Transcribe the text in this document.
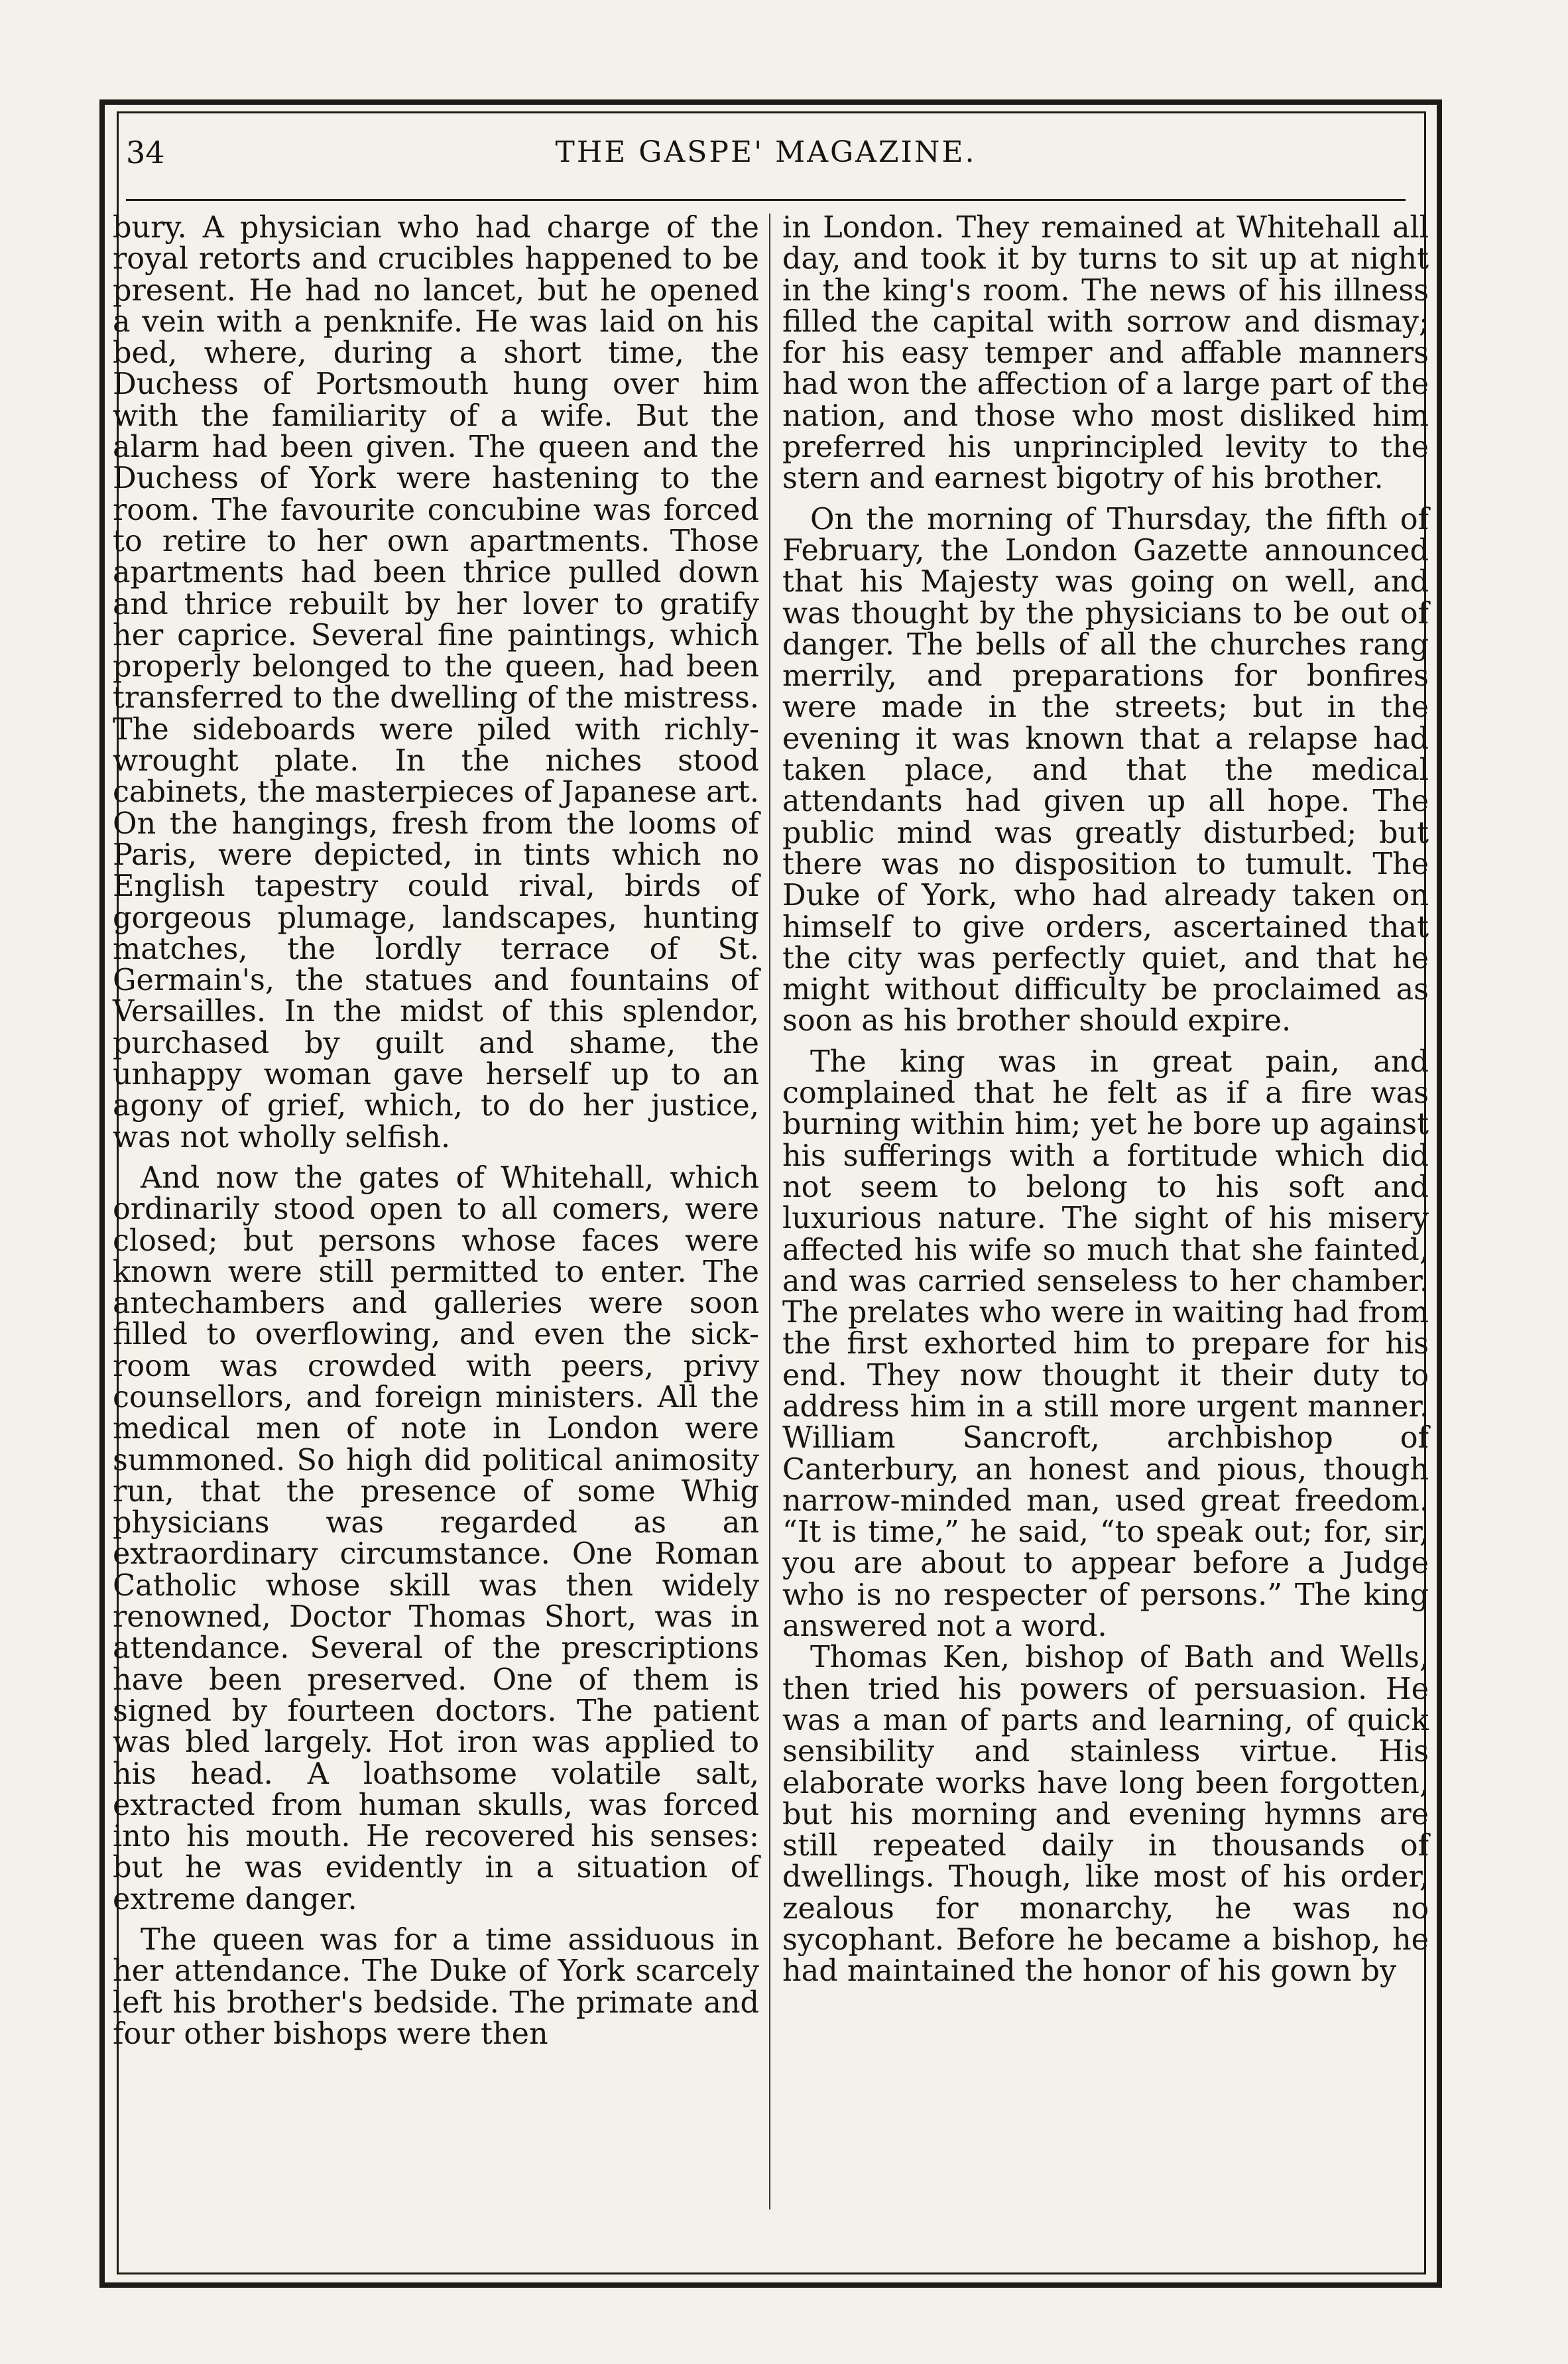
34	THE GASPE' MAGAZINE.

bury. A physician who had charge of the royal retorts and crucibles happened to be present. He had no lancet, but he opened a vein with a penknife. He was laid on his bed, where, during a short time, the Duchess of Portsmouth hung over him with the familiarity of a wife. But the alarm had been given. The queen and the Duchess of York were hastening to the room. The favourite concubine was forced to retire to her own apartments. Those apartments had been thrice pulled down and thrice rebuilt by her lover to gratify her caprice. Several fine paintings, which properly belonged to the queen, had been transferred to the dwelling of the mistress. The sideboards were piled with richly-wrought plate. In the niches stood cabinets, the masterpieces of Japanese art. On the hangings, fresh from the looms of Paris, were depicted, in tints which no English tapestry could rival, birds of gorgeous plumage, landscapes, hunting matches, the lordly terrace of St. Germain's, the statues and fountains of Versailles. In the midst of this splendor, purchased by guilt and shame, the unhappy woman gave herself up to an agony of grief, which, to do her justice, was not wholly selfish.

And now the gates of Whitehall, which ordinarily stood open to all comers, were closed; but persons whose faces were known were still permitted to enter. The antechambers and galleries were soon filled to overflowing, and even the sick-room was crowded with peers, privy counsellors, and foreign ministers. All the medical men of note in London were summoned. So high did political animosity run, that the presence of some Whig physicians was regarded as an extraordinary circumstance. One Roman Catholic whose skill was then widely renowned, Doctor Thomas Short, was in attendance. Several of the prescriptions have been preserved. One of them is signed by fourteen doctors. The patient was bled largely. Hot iron was applied to his head. A loathsome volatile salt, extracted from human skulls, was forced into his mouth. He recovered his senses: but he was evidently in a situation of extreme danger.

The queen was for a time assiduous in her attendance. The Duke of York scarcely left his brother's bedside. The primate and four other bishops were then

in London. They remained at Whitehall all day, and took it by turns to sit up at night in the king's room. The news of his illness filled the capital with sorrow and dismay; for his easy temper and affable manners had won the affection of a large part of the nation, and those who most disliked him preferred his unprincipled levity to the stern and earnest bigotry of his brother.

On the morning of Thursday, the fifth of February, the London Gazette announced that his Majesty was going on well, and was thought by the physicians to be out of danger. The bells of all the churches rang merrily, and preparations for bonfires were made in the streets; but in the evening it was known that a relapse had taken place, and that the medical attendants had given up all hope. The public mind was greatly disturbed; but there was no disposition to tumult. The Duke of York, who had already taken on himself to give orders, ascertained that the city was perfectly quiet, and that he might without difficulty be proclaimed as soon as his brother should expire.

The king was in great pain, and complained that he felt as if a fire was burning within him; yet he bore up against his sufferings with a fortitude which did not seem to belong to his soft and luxurious nature. The sight of his misery affected his wife so much that she fainted, and was carried senseless to her chamber. The prelates who were in waiting had from the first exhorted him to prepare for his end. They now thought it their duty to address him in a still more urgent manner. William Sancroft, archbishop of Canterbury, an honest and pious, though narrow-minded man, used great freedom. “It is time,” he said, “to speak out; for, sir, you are about to appear before a Judge who is no respecter of persons.” The king answered not a word.

Thomas Ken, bishop of Bath and Wells, then tried his powers of persuasion. He was a man of parts and learning, of quick sensibility and stainless virtue. His elaborate works have long been forgotten, but his morning and evening hymns are still repeated daily in thousands of dwellings. Though, like most of his order, zealous for monarchy, he was no sycophant. Before he became a bishop, he had maintained the honor of his gown by
